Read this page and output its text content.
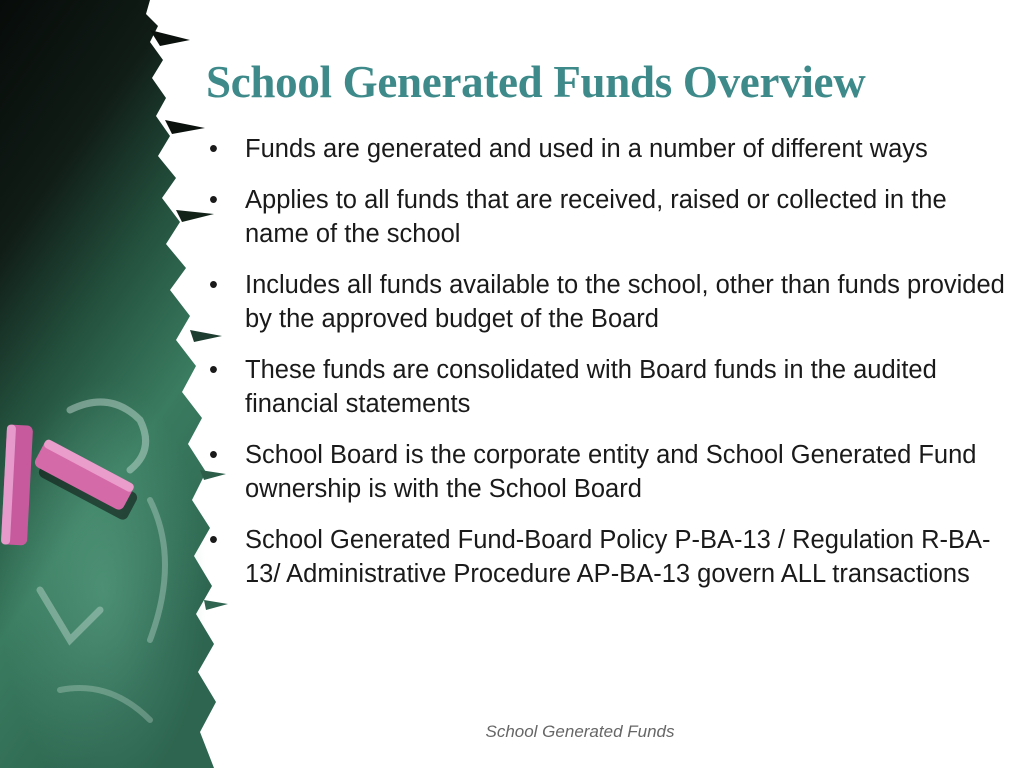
School Generated Funds Overview
• Funds are generated and used in a number of different ways
• Applies to all funds that are received, raised or collected in the name of the school
• Includes all funds available to the school, other than funds provided by the approved budget of the Board
• These funds are consolidated with Board funds in the audited financial statements
• School Board is the corporate entity and School Generated Fund ownership is with the School Board
• School Generated Fund-Board Policy P-BA-13 / Regulation R-BA-13/ Administrative Procedure AP-BA-13 govern ALL transactions
School Generated Funds
